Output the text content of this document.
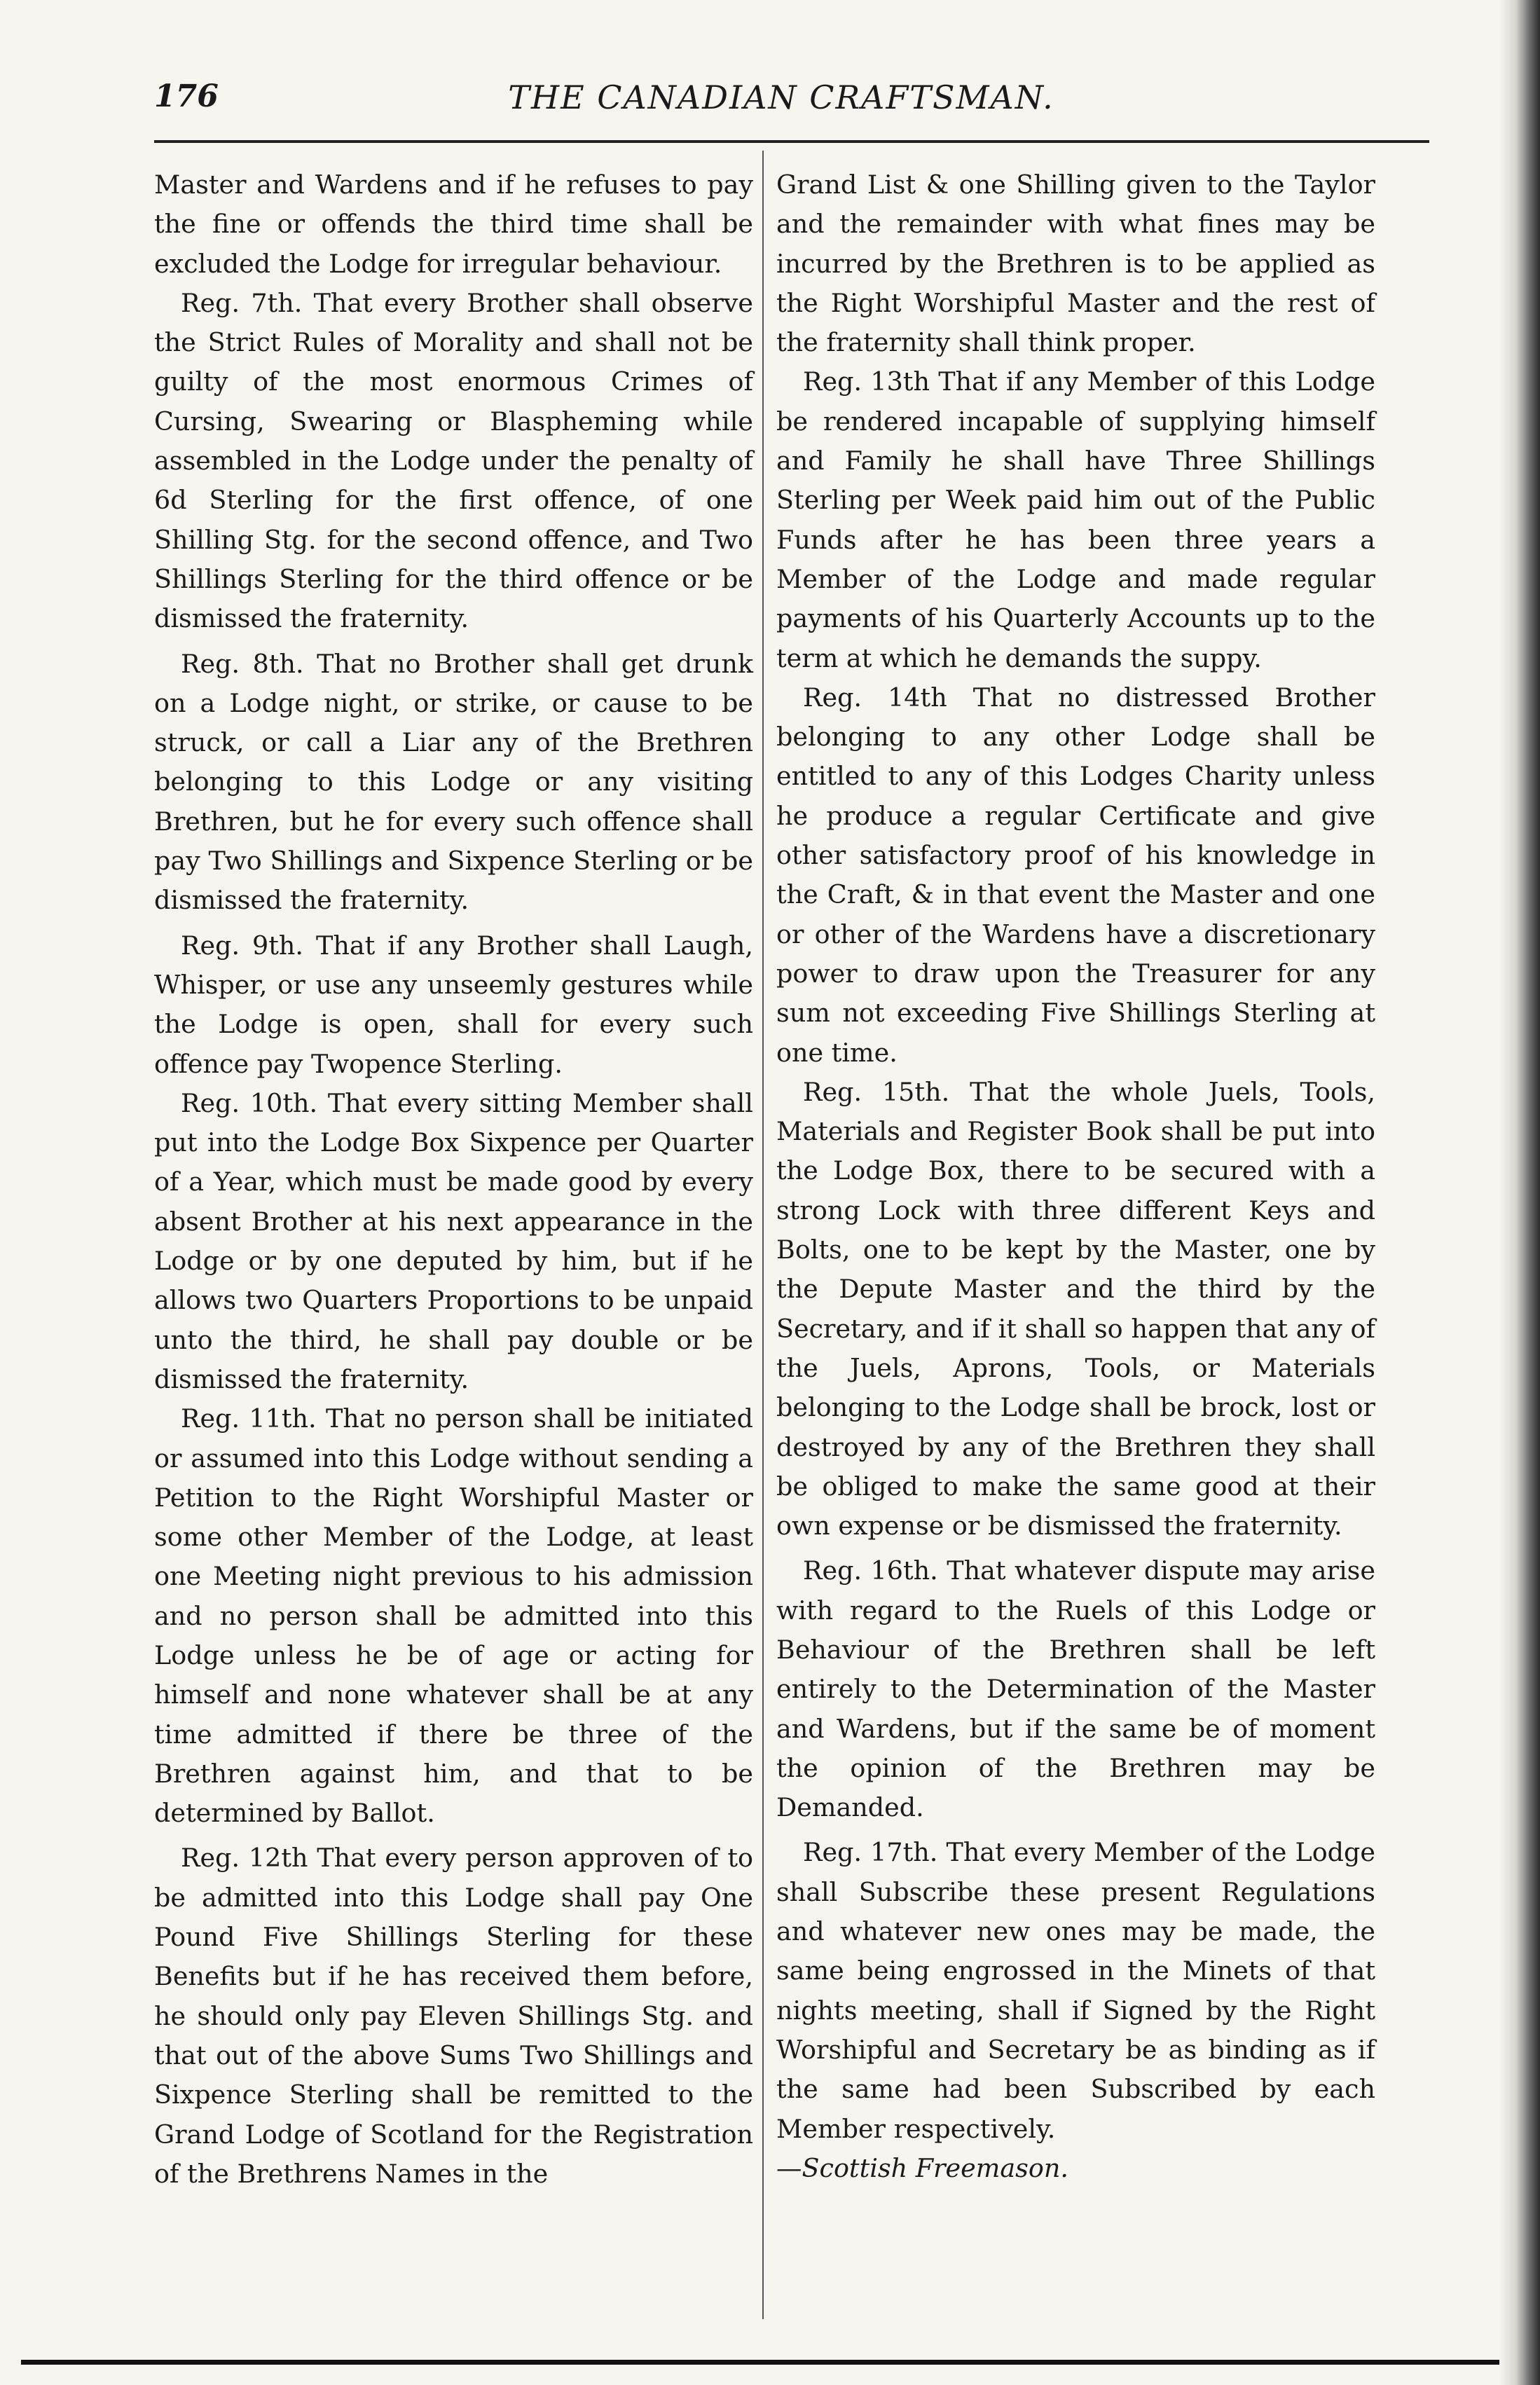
176	THE CANADIAN CRAFTSMAN.

Master and Wardens and if he refuses to pay the fine or offends the third time shall be excluded the Lodge for irregular behaviour.

Reg. 7th. That every Brother shall observe the Strict Rules of Morality and shall not be guilty of the most enormous Crimes of Cursing, Swearing or Blaspheming while assembled in the Lodge under the penalty of 6d Sterling for the first offence, of one Shilling Stg. for the second offence, and Two Shillings Sterling for the third offence or be dismissed the fraternity.

Reg. 8th. That no Brother shall get drunk on a Lodge night, or strike, or cause to be struck, or call a Liar any of the Brethren belonging to this Lodge or any visiting Brethren, but he for every such offence shall pay Two Shillings and Sixpence Sterling or be dismissed the fraternity.

Reg. 9th. That if any Brother shall Laugh, Whisper, or use any unseemly gestures while the Lodge is open, shall for every such offence pay Twopence Sterling.

Reg. 10th. That every sitting Member shall put into the Lodge Box Sixpence per Quarter of a Year, which must be made good by every absent Brother at his next appearance in the Lodge or by one deputed by him, but if he allows two Quarters Proportions to be unpaid unto the third, he shall pay double or be dismissed the fraternity.

Reg. 11th. That no person shall be initiated or assumed into this Lodge without sending a Petition to the Right Worshipful Master or some other Member of the Lodge, at least one Meeting night previous to his admission and no person shall be admitted into this Lodge unless he be of age or acting for himself and none whatever shall be at any time admitted if there be three of the Brethren against him, and that to be determined by Ballot.

Reg. 12th That every person approven of to be admitted into this Lodge shall pay One Pound Five Shillings Sterling for these Benefits but if he has received them before, he should only pay Eleven Shillings Stg. and that out of the above Sums Two Shillings and Sixpence Sterling shall be remitted to the Grand Lodge of Scotland for the Registration of the Brethrens Names in the

Grand List & one Shilling given to the Taylor and the remainder with what fines may be incurred by the Brethren is to be applied as the Right Worshipful Master and the rest of the fraternity shall think proper.

Reg. 13th That if any Member of this Lodge be rendered incapable of supplying himself and Family he shall have Three Shillings Sterling per Week paid him out of the Public Funds after he has been three years a Member of the Lodge and made regular payments of his Quarterly Accounts up to the term at which he demands the suppy.

Reg. 14th That no distressed Brother belonging to any other Lodge shall be entitled to any of this Lodges Charity unless he produce a regular Certificate and give other satisfactory proof of his knowledge in the Craft, & in that event the Master and one or other of the Wardens have a discretionary power to draw upon the Treasurer for any sum not exceeding Five Shillings Sterling at one time.

Reg. 15th. That the whole Juels, Tools, Materials and Register Book shall be put into the Lodge Box, there to be secured with a strong Lock with three different Keys and Bolts, one to be kept by the Master, one by the Depute Master and the third by the Secretary, and if it shall so happen that any of the Juels, Aprons, Tools, or Materials belonging to the Lodge shall be brock, lost or destroyed by any of the Brethren they shall be obliged to make the same good at their own expense or be dismissed the fraternity.

Reg. 16th. That whatever dispute may arise with regard to the Ruels of this Lodge or Behaviour of the Brethren shall be left entirely to the Determination of the Master and Wardens, but if the same be of moment the opinion of the Brethren may be Demanded.

Reg. 17th. That every Member of the Lodge shall Subscribe these present Regulations and whatever new ones may be made, the same being engrossed in the Minets of that nights meeting, shall if Signed by the Right Worshipful and Secretary be as binding as if the same had been Subscribed by each Member respectively.

—Scottish Freemason.
